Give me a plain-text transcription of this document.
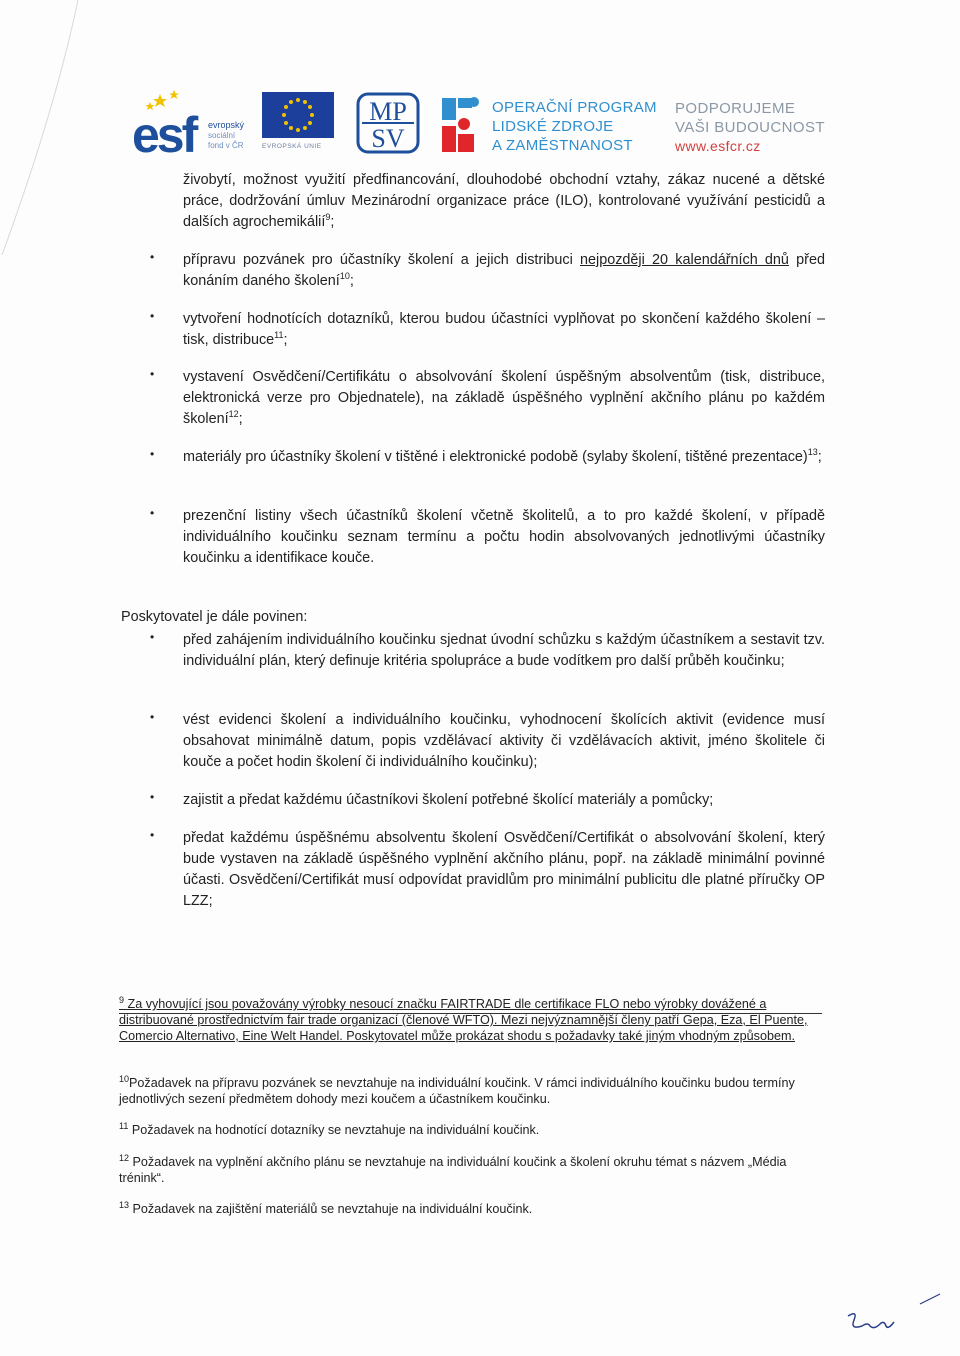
esf	evropský
sociální
fond v ČR	EVROPSKÁ UNIE
MP
SV
OPERAČNÍ PROGRAM
LIDSKÉ ZDROJE
A ZAMĚSTNANOST
PODPORUJEME
VAŠI BUDOUCNOST
www.esfcr.cz
živobytí, možnost využití předfinancování, dlouhodobé obchodní vztahy, zákaz nucené a dětské práce, dodržování úmluv Mezinárodní organizace práce (ILO), kontrolované využívání pesticidů a dalších agrochemikálií$^9$;
• přípravu pozvánek pro účastníky školení a jejich distribuci nejpozději 20 kalendářních dnů před konáním daného školení$^{10}$;
• vytvoření hodnotících dotazníků, kterou budou účastníci vyplňovat po skončení každého školení – tisk, distribuce$^{11}$;
• vystavení Osvědčení/Certifikátu o absolvování školení úspěšným absolventům (tisk, distribuce, elektronická verze pro Objednatele), na základě úspěšného vyplnění akčního plánu po každém školení$^{12}$;
• materiály pro účastníky školení v tištěné i elektronické podobě (sylaby školení, tištěné prezentace)$^{13}$;
• prezenční listiny všech účastníků školení včetně školitelů, a to pro každé školení, v případě individuálního koučinku seznam termínu a počtu hodin absolvovaných jednotlivými účastníky koučinku a identifikace kouče.
Poskytovatel je dále povinen:
• před zahájením individuálního koučinku sjednat úvodní schůzku s každým účastníkem a sestavit tzv. individuální plán, který definuje kritéria spolupráce a bude vodítkem pro další průběh koučinku;
• vést evidenci školení a individuálního koučinku, vyhodnocení školících aktivit (evidence musí obsahovat minimálně datum, popis vzdělávací aktivity či vzdělávacích aktivit, jméno školitele či kouče a počet hodin školení či individuálního koučinku);
• zajistit a předat každému účastníkovi školení potřebné školící materiály a pomůcky;
• předat každému úspěšnému absolventu školení Osvědčení/Certifikát o absolvování školení, který bude vystaven na základě úspěšného vyplnění akčního plánu, popř. na základě minimální povinné účasti. Osvědčení/Certifikát musí odpovídat pravidlům pro minimální publicitu dle platné příručky OP LZZ;
$^9$ Za vyhovující jsou považovány výrobky nesoucí značku FAIRTRADE dle certifikace FLO nebo výrobky dovážené a distribuované prostřednictvím fair trade organizací (členové WFTO). Mezi nejvýznamnější členy patří Gepa, Eza, El Puente, Comercio Alternativo, Eine Welt Handel. Poskytovatel může prokázat shodu s požadavky také jiným vhodným způsobem.
$^{10}$Požadavek na přípravu pozvánek se nevztahuje na individuální koučink. V rámci individuálního koučinku budou termíny jednotlivých sezení předmětem dohody mezi koučem a účastníkem koučinku.
$^{11}$ Požadavek na hodnotící dotazníky se nevztahuje na individuální koučink.
$^{12}$ Požadavek na vyplnění akčního plánu se nevztahuje na individuální koučink a školení okruhu témat s názvem „Média trénink“.
$^{13}$ Požadavek na zajištění materiálů se nevztahuje na individuální koučink.
